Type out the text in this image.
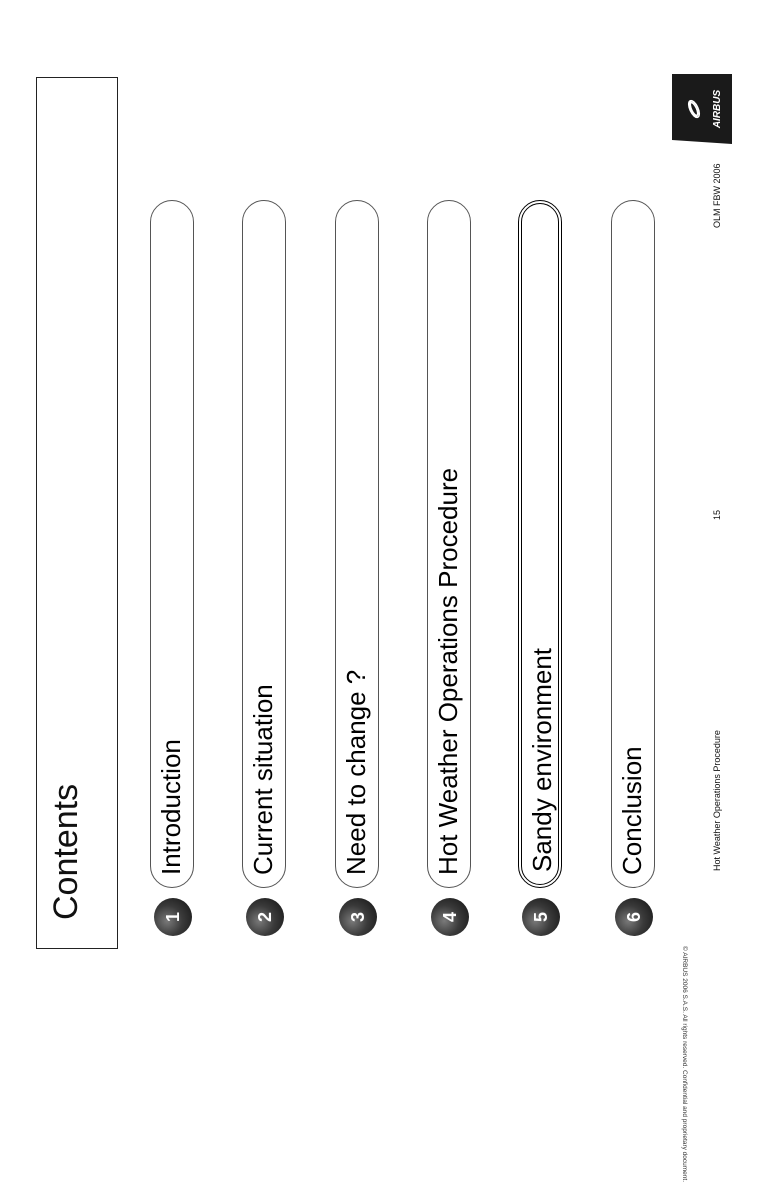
Contents	1
Introduction
2
Current situation
3
Need to change ?
4
Hot Weather Operations Procedure
5
Sandy environment
6
Conclusion
© AIRBUS 2006 S.A.S. All rights reserved. Confidential and proprietary document.
Hot Weather Operations Procedure
15
OLM FBW 2006
AIRBUS
